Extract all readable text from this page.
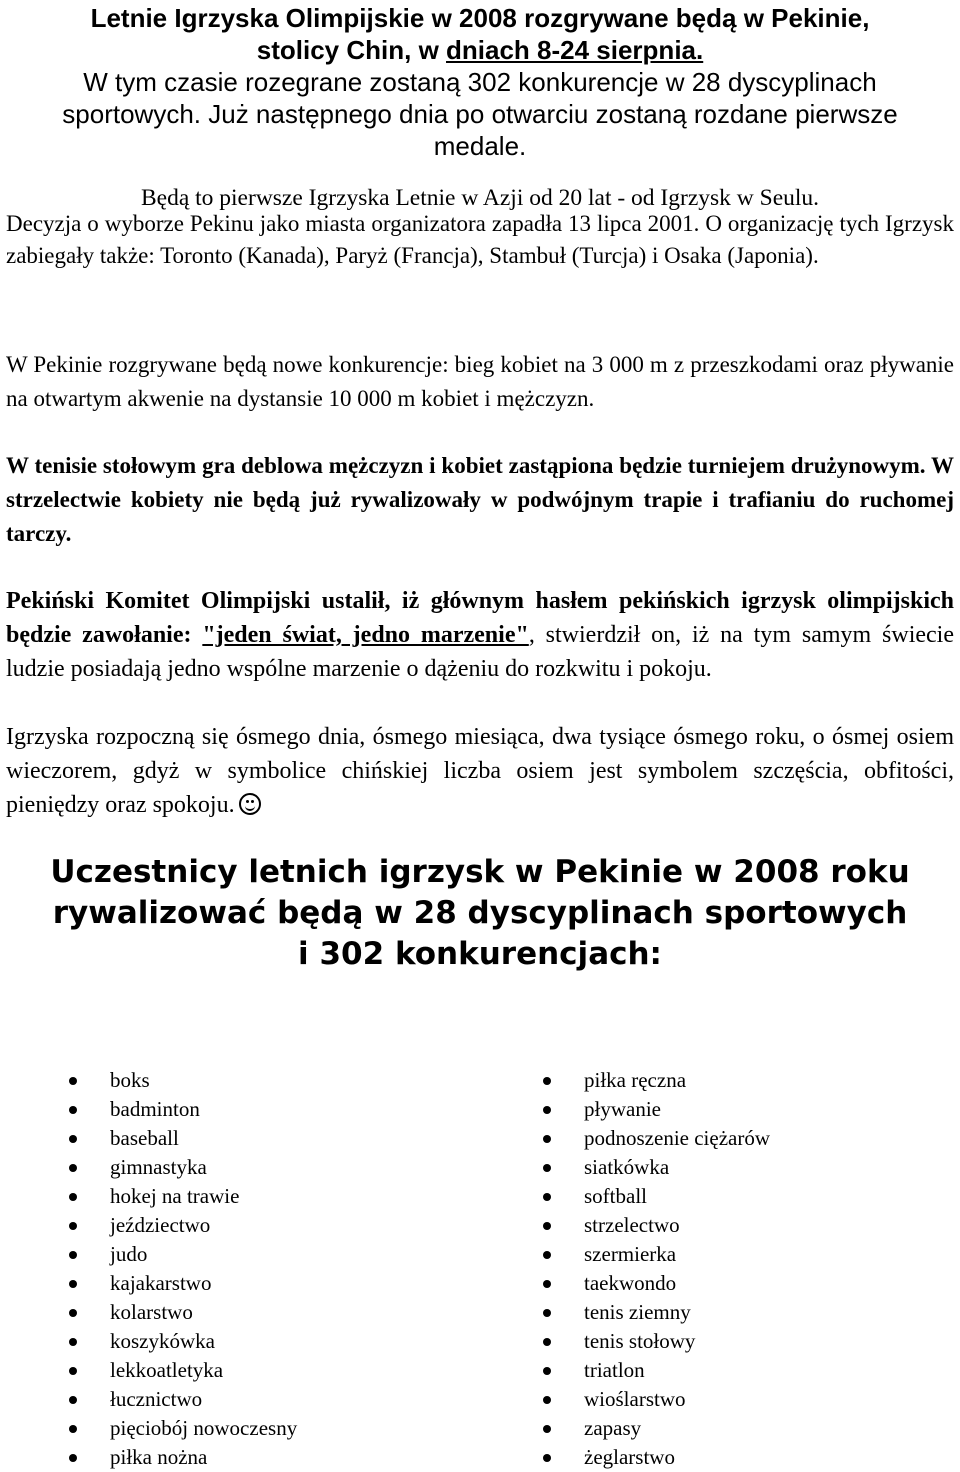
Letnie Igrzyska Olimpijskie w 2008 rozgrywane będą w Pekinie,
stolicy Chin, w dniach 8-24 sierpnia.
W tym czasie rozegrane zostaną 302 konkurencje w 28 dyscyplinach
sportowych. Już następnego dnia po otwarciu zostaną rozdane pierwsze
medale.
Będą to pierwsze Igrzyska Letnie w Azji od 20 lat - od Igrzysk w Seulu.
Decyzja o wyborze Pekinu jako miasta organizatora zapadła 13 lipca 2001. O organizację tych Igrzysk zabiegały także: Toronto (Kanada), Paryż (Francja), Stambuł (Turcja) i Osaka (Japonia).
W Pekinie rozgrywane będą nowe konkurencje: bieg kobiet na 3 000 m z przeszkodami oraz pływanie na otwartym akwenie na dystansie 10 000 m kobiet i mężczyzn.
W tenisie stołowym gra deblowa mężczyzn i kobiet zastąpiona będzie turniejem drużynowym. W strzelectwie kobiety nie będą już rywalizowały w podwójnym trapie i trafianiu do ruchomej tarczy.
Pekiński Komitet Olimpijski ustalił, iż głównym hasłem pekińskich igrzysk olimpijskich będzie zawołanie: "jeden świat, jedno marzenie", stwierdził on, iż na tym samym świecie ludzie posiadają jedno wspólne marzenie o dążeniu do rozkwitu i pokoju.
Igrzyska rozpoczną się ósmego dnia, ósmego miesiąca, dwa tysiące ósmego roku, o ósmej osiem wieczorem, gdyż w symbolice chińskiej liczba osiem jest symbolem szczęścia, obfitości, pieniędzy oraz spokoju.
Uczestnicy letnich igrzysk w Pekinie w 2008 roku
rywalizować będą w 28 dyscyplinach sportowych
i 302 konkurencjach:
boks
badminton
baseball
gimnastyka
hokej na trawie
jeździectwo
judo
kajakarstwo
kolarstwo
koszykówka
lekkoatletyka
łucznictwo
pięciobój nowoczesny
piłka nożna
piłka ręczna
pływanie
podnoszenie ciężarów
siatkówka
softball
strzelectwo
szermierka
taekwondo
tenis ziemny
tenis stołowy
triatlon
wioślarstwo
zapasy
żeglarstwo
